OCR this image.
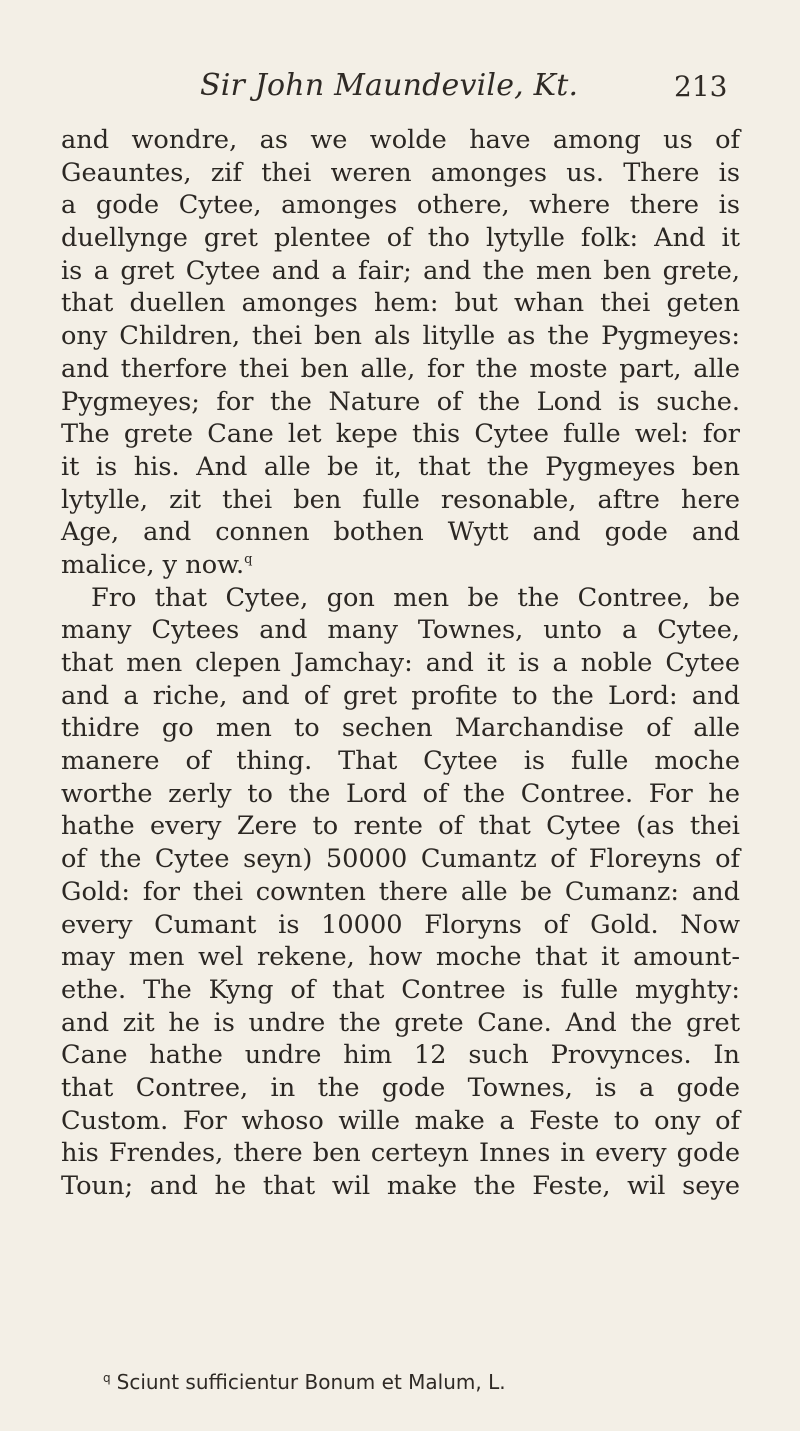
Sir John Maundevile, Kt.	213
and wondre, as we wolde have among us of
Geauntes, zif thei weren amonges us. There is
a gode Cytee, amonges othere, where there is
duellynge gret plentee of tho lytylle folk: And it
is a gret Cytee and a fair; and the men ben grete,
that duellen amonges hem: but whan thei geten
ony Children, thei ben als litylle as the Pygmeyes:
and therfore thei ben alle, for the moste part, alle
Pygmeyes; for the Nature of the Lond is suche.
The grete Cane let kepe this Cytee fulle wel: for
it is his. And alle be it, that the Pygmeyes ben
lytylle, zit thei ben fulle resonable, aftre here
Age, and connen bothen Wytt and gode and
malice, y now.$^q$
Fro that Cytee, gon men be the Contree, be
many Cytees and many Townes, unto a Cytee,
that men clepen Jamchay: and it is a noble Cytee
and a riche, and of gret profite to the Lord: and
thidre go men to sechen Marchandise of alle
manere of thing. That Cytee is fulle moche
worthe zerly to the Lord of the Contree. For he
hathe every Zere to rente of that Cytee (as thei
of the Cytee seyn) 50000 Cumantz of Floreyns of
Gold: for thei cownten there alle be Cumanz: and
every Cumant is 10000 Floryns of Gold. Now
may men wel rekene, how moche that it amount-
ethe. The Kyng of that Contree is fulle myghty:
and zit he is undre the grete Cane. And the gret
Cane hathe undre him 12 such Provynces. In
that Contree, in the gode Townes, is a gode
Custom. For whoso wille make a Feste to ony of
his Frendes, there ben certeyn Innes in every gode
Toun; and he that wil make the Feste, wil seye
$^q$ Sciunt sufficientur Bonum et Malum, L.
